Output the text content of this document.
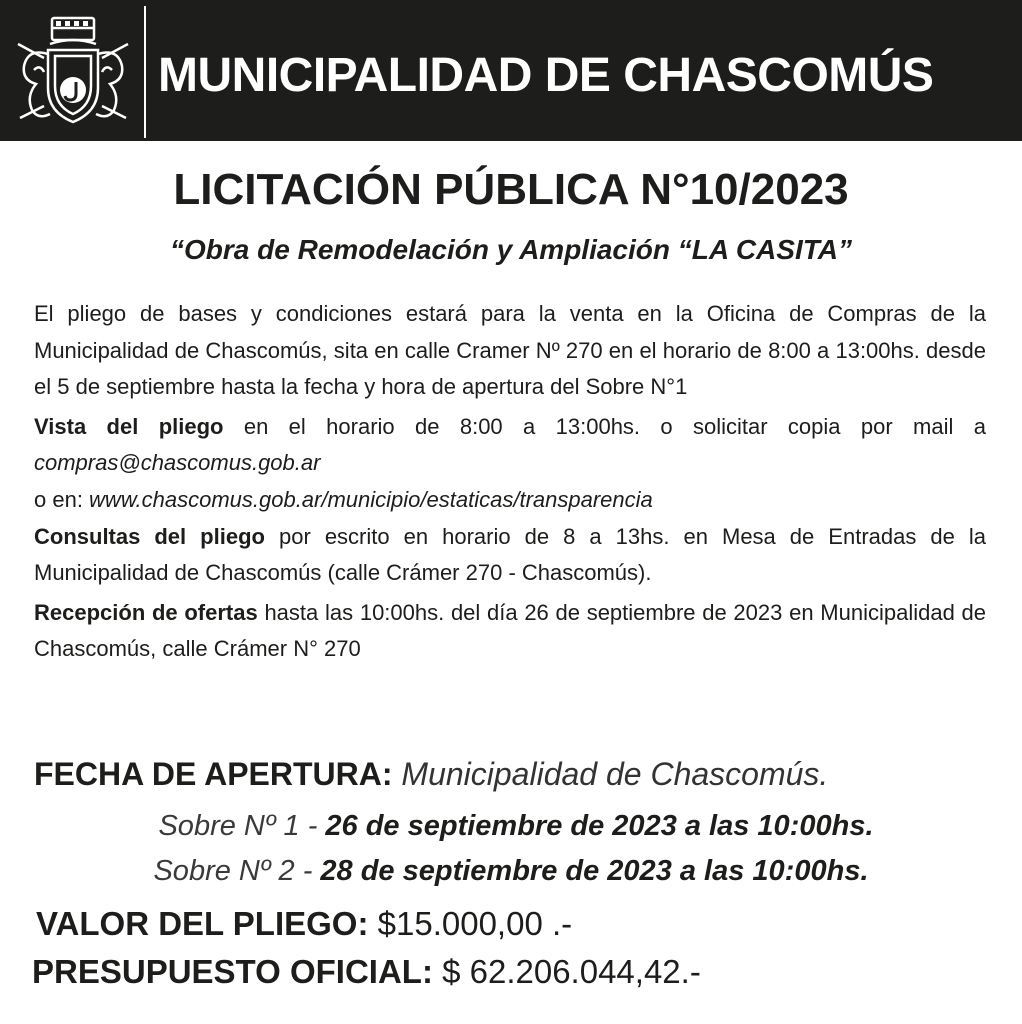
MUNICIPALIDAD DE CHASCOMÚS
LICITACIÓN PÚBLICA N°10/2023
“Obra de Remodelación y Ampliación “LA CASITA”

El pliego de bases y condiciones estará para la venta en la Oficina de Compras de la Municipalidad de Chascomús, sita en calle Cramer Nº 270 en el horario de 8:00 a 13:00hs. desde el 5 de septiembre hasta la fecha y hora de apertura del Sobre N°1

Vista del pliego en el horario de 8:00 a 13:00hs. o solicitar copia por mail a compras@chascomus.gob.ar

o en: www.chascomus.gob.ar/municipio/estaticas/transparencia

Consultas del pliego por escrito en horario de 8 a 13hs. en Mesa de Entradas de la Municipalidad de Chascomús (calle Crámer 270 - Chascomús).

Recepción de ofertas hasta las 10:00hs. del día 26 de septiembre de 2023 en Municipalidad de Chascomús, calle Crámer N° 270

FECHA DE APERTURA: Municipalidad de Chascomús.
Sobre Nº 1 - 26 de septiembre de 2023 a las 10:00hs.
Sobre Nº 2 - 28 de septiembre de 2023 a las 10:00hs.
VALOR DEL PLIEGO: $15.000,00 .-
PRESUPUESTO OFICIAL: $ 62.206.044,42.-
